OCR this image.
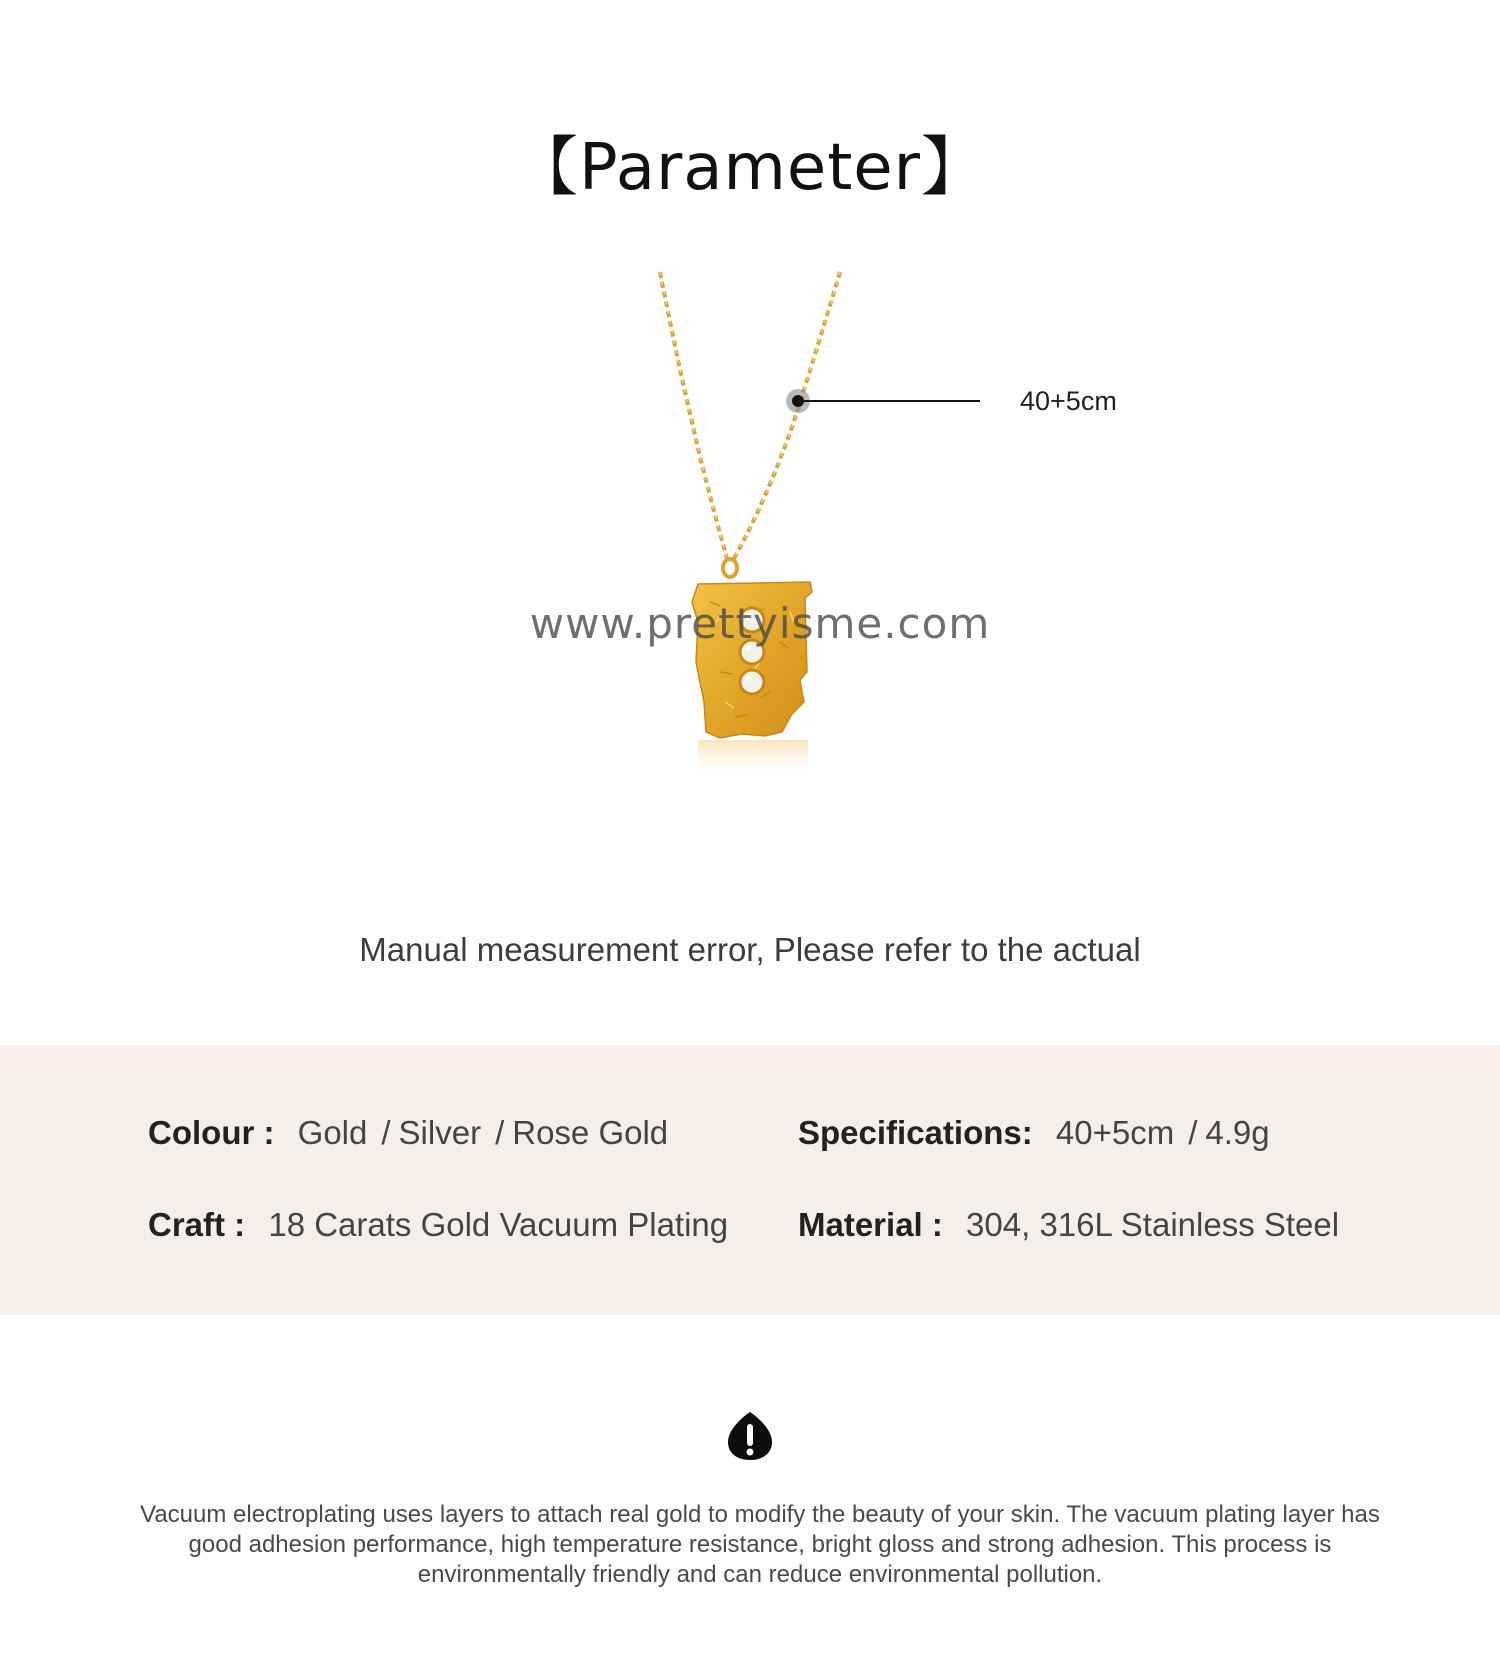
【Parameter】
40+5cm
www.prettyisme.com
Manual measurement error, Please refer to the actual
Colour : Gold / Silver / Rose Gold	Specifications: 40+5cm / 4.9g
Craft : 18 Carats Gold Vacuum Plating Material : 304, 316L Stainless Steel
Vacuum electroplating uses layers to attach real gold to modify the beauty of your skin. The vacuum plating layer has good adhesion performance, high temperature resistance, bright gloss and strong adhesion. This process is environmentally friendly and can reduce environmental pollution.
